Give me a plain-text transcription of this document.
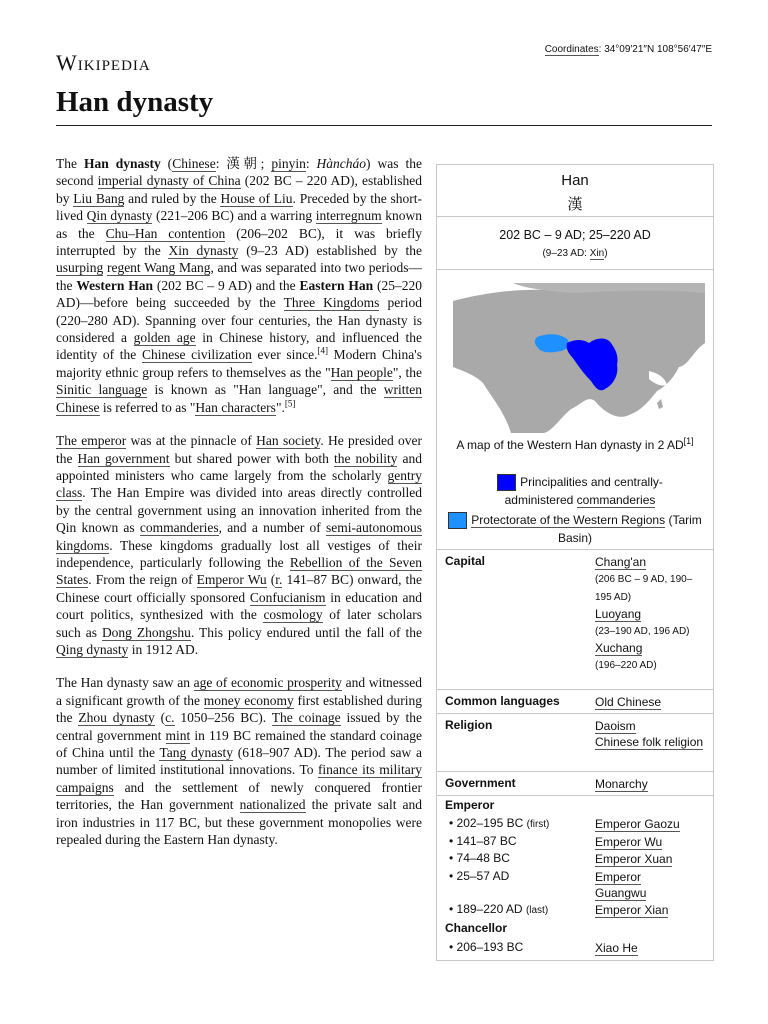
Wikipedia
Coordinates: 34°09′21″N 108°56′47″E
Han dynasty

The Han dynasty (Chinese: 漢朝; pinyin: Hàncháo) was the second imperial dynasty of China (202 BC – 220 AD), established by Liu Bang and ruled by the House of Liu. Preceded by the short-lived Qin dynasty (221–206 BC) and a warring interregnum known as the Chu–Han contention (206–202 BC), it was briefly interrupted by the Xin dynasty (9–23 AD) established by the usurping regent Wang Mang, and was separated into two periods—the Western Han (202 BC – 9 AD) and the Eastern Han (25–220 AD)—before being succeeded by the Three Kingdoms period (220–280 AD). Spanning over four centuries, the Han dynasty is considered a golden age in Chinese history, and influenced the identity of the Chinese civilization ever since.[4] Modern China's majority ethnic group refers to themselves as the "Han people", the Sinitic language is known as "Han language", and the written Chinese is referred to as "Han characters".[5]

The emperor was at the pinnacle of Han society. He presided over the Han government but shared power with both the nobility and appointed ministers who came largely from the scholarly gentry class. The Han Empire was divided into areas directly controlled by the central government using an innovation inherited from the Qin known as commanderies, and a number of semi-autonomous kingdoms. These kingdoms gradually lost all vestiges of their independence, particularly following the Rebellion of the Seven States. From the reign of Emperor Wu (r. 141–87 BC) onward, the Chinese court officially sponsored Confucianism in education and court politics, synthesized with the cosmology of later scholars such as Dong Zhongshu. This policy endured until the fall of the Qing dynasty in 1912 AD.

The Han dynasty saw an age of economic prosperity and witnessed a significant growth of the money economy first established during the Zhou dynasty (c. 1050–256 BC). The coinage issued by the central government mint in 119 BC remained the standard coinage of China until the Tang dynasty (618–907 AD). The period saw a number of limited institutional innovations. To finance its military campaigns and the settlement of newly conquered frontier territories, the Han government nationalized the private salt and iron industries in 117 BC, but these government monopolies were repealed during the Eastern Han dynasty.

Han
漢
202 BC – 9 AD; 25–220 AD
(9–23 AD: Xin)
A map of the Western Han dynasty in 2 AD[1]
Principalities and centrally-administered commanderies
Protectorate of the Western Regions (Tarim Basin)
Capital	Chang'an
(206 BC – 9 AD, 190–195 AD)
Luoyang
(23–190 AD, 196 AD)
Xuchang
(196–220 AD)
Common languages	Old Chinese
Religion	Daoism
Chinese folk religion
Government	Monarchy
Emperor
• 202–195 BC (first)	Emperor Gaozu
• 141–87 BC	Emperor Wu
• 74–48 BC	Emperor Xuan
• 25–57 AD	Emperor Guangwu
• 189–220 AD (last)	Emperor Xian
Chancellor
• 206–193 BC	Xiao He
